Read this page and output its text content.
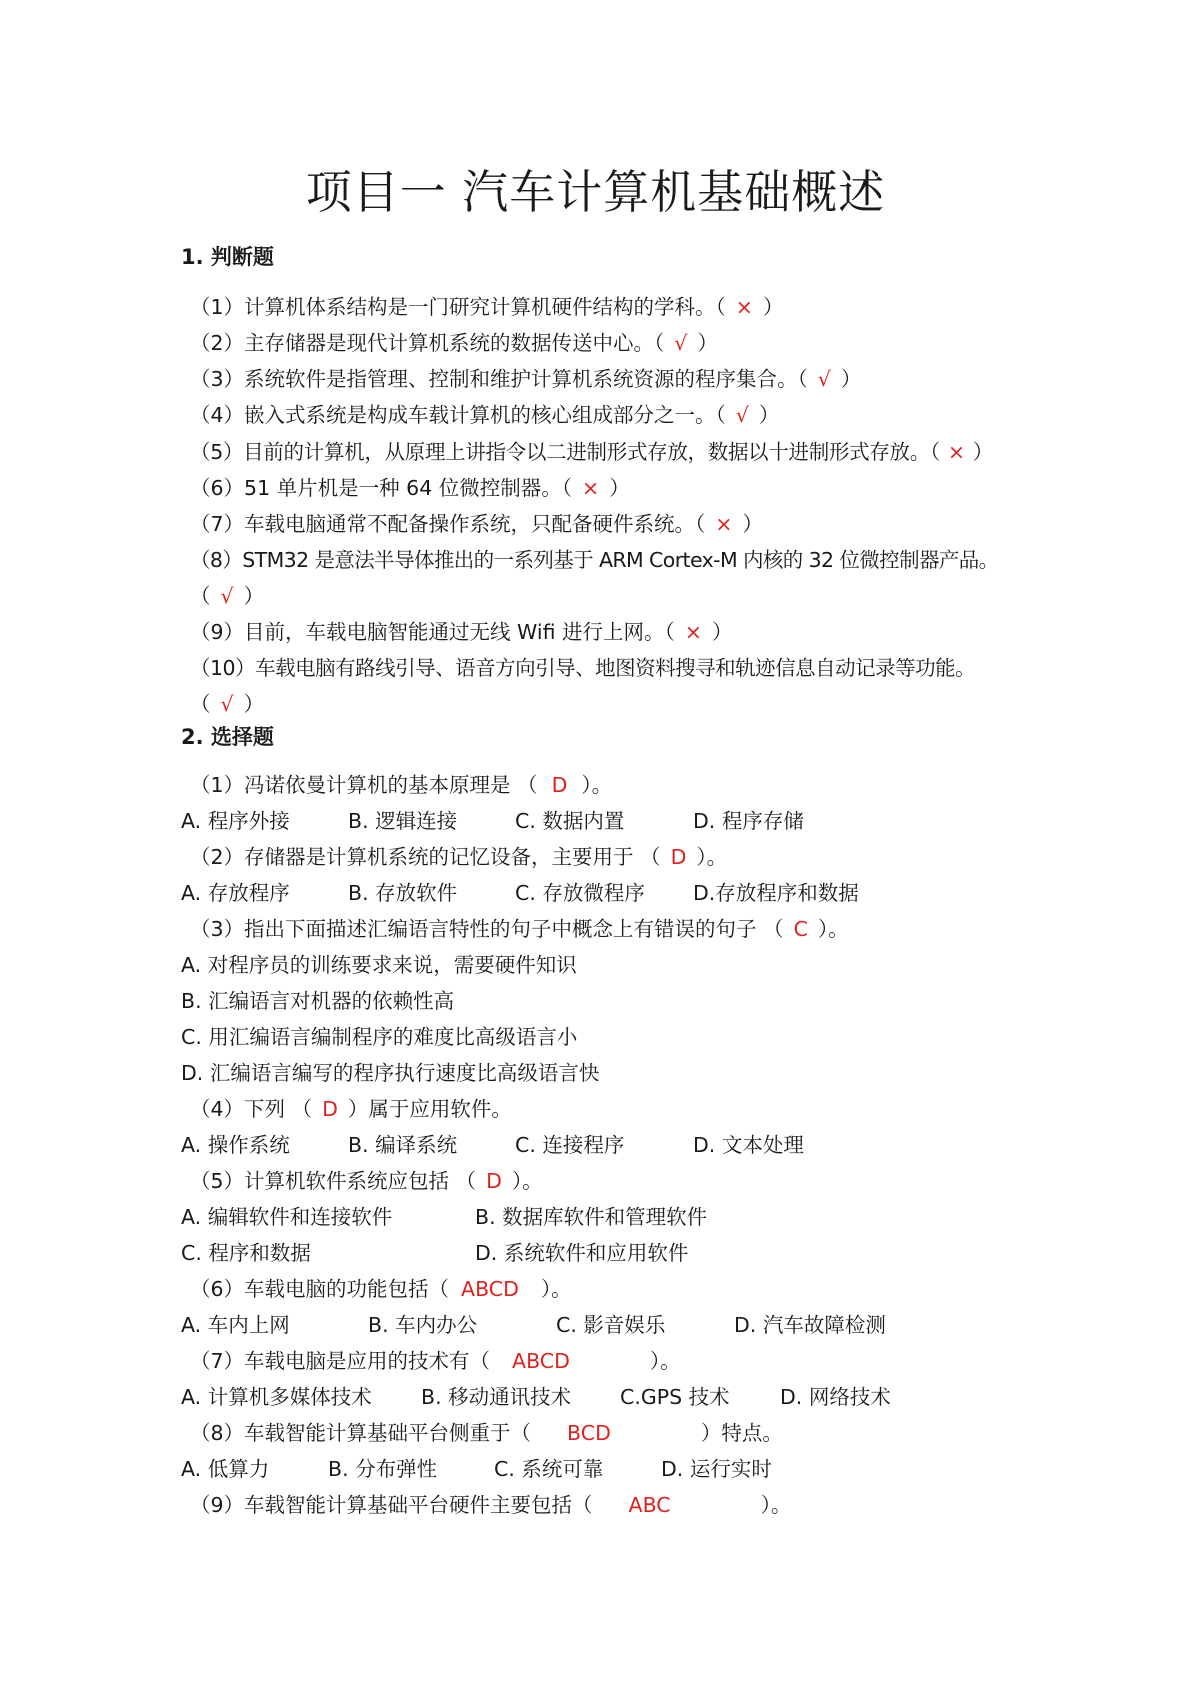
项目一 汽车计算机基础概述
1. 判断题
（1）计算机体系结构是一门研究计算机硬件结构的学科。（ × ）
（2）主存储器是现代计算机系统的数据传送中心。（ √ ）
（3）系统软件是指管理、控制和维护计算机系统资源的程序集合。（ √ ）
（4）嵌入式系统是构成车载计算机的核心组成部分之一。（ √ ）
（5）目前的计算机，从原理上讲指令以二进制形式存放，数据以十进制形式存放。（ × ）
（6）51 单片机是一种 64 位微控制器。（ × ）
（7）车载电脑通常不配备操作系统，只配备硬件系统。（ × ）
（8）STM32 是意法半导体推出的一系列基于 ARM Cortex-M 内核的 32 位微控制器产品。
（ √ ）
（9）目前，车载电脑智能通过无线 Wifi 进行上网。（ × ）
（10）车载电脑有路线引导、语音方向引导、地图资料搜寻和轨迹信息自动记录等功能。
（ √ ）
2. 选择题
（1）冯诺依曼计算机的基本原理是 （ D ）。
A. 程序外接	B. 逻辑连接	C. 数据内置	D. 程序存储
（2）存储器是计算机系统的记忆设备，主要用于 （ D ）。
A. 存放程序	B. 存放软件	C. 存放微程序 D.存放程序和数据
（3）指出下面描述汇编语言特性的句子中概念上有错误的句子 （ C ）。
A. 对程序员的训练要求来说，需要硬件知识
B. 汇编语言对机器的依赖性高
C. 用汇编语言编制程序的难度比高级语言小
D. 汇编语言编写的程序执行速度比高级语言快
（4）下列 （ D ）属于应用软件。
A. 操作系统	B. 编译系统	C. 连接程序	D. 文本处理
（5）计算机软件系统应包括 （ D ）。
A. 编辑软件和连接软件	B. 数据库软件和管理软件
C. 程序和数据	D. 系统软件和应用软件
（6）车载电脑的功能包括（ ABCD ）。
A. 车内上网	B. 车内办公	C. 影音娱乐	D. 汽车故障检测
（7）车载电脑是应用的技术有（ ABCD	）。
A. 计算机多媒体技术 B. 移动通讯技术 C.GPS 技术 D. 网络技术
（8）车载智能计算基础平台侧重于（ BCD	）特点。
A. 低算力	B. 分布弹性	C. 系统可靠	D. 运行实时
（9）车载智能计算基础平台硬件主要包括（ ABC	）。
